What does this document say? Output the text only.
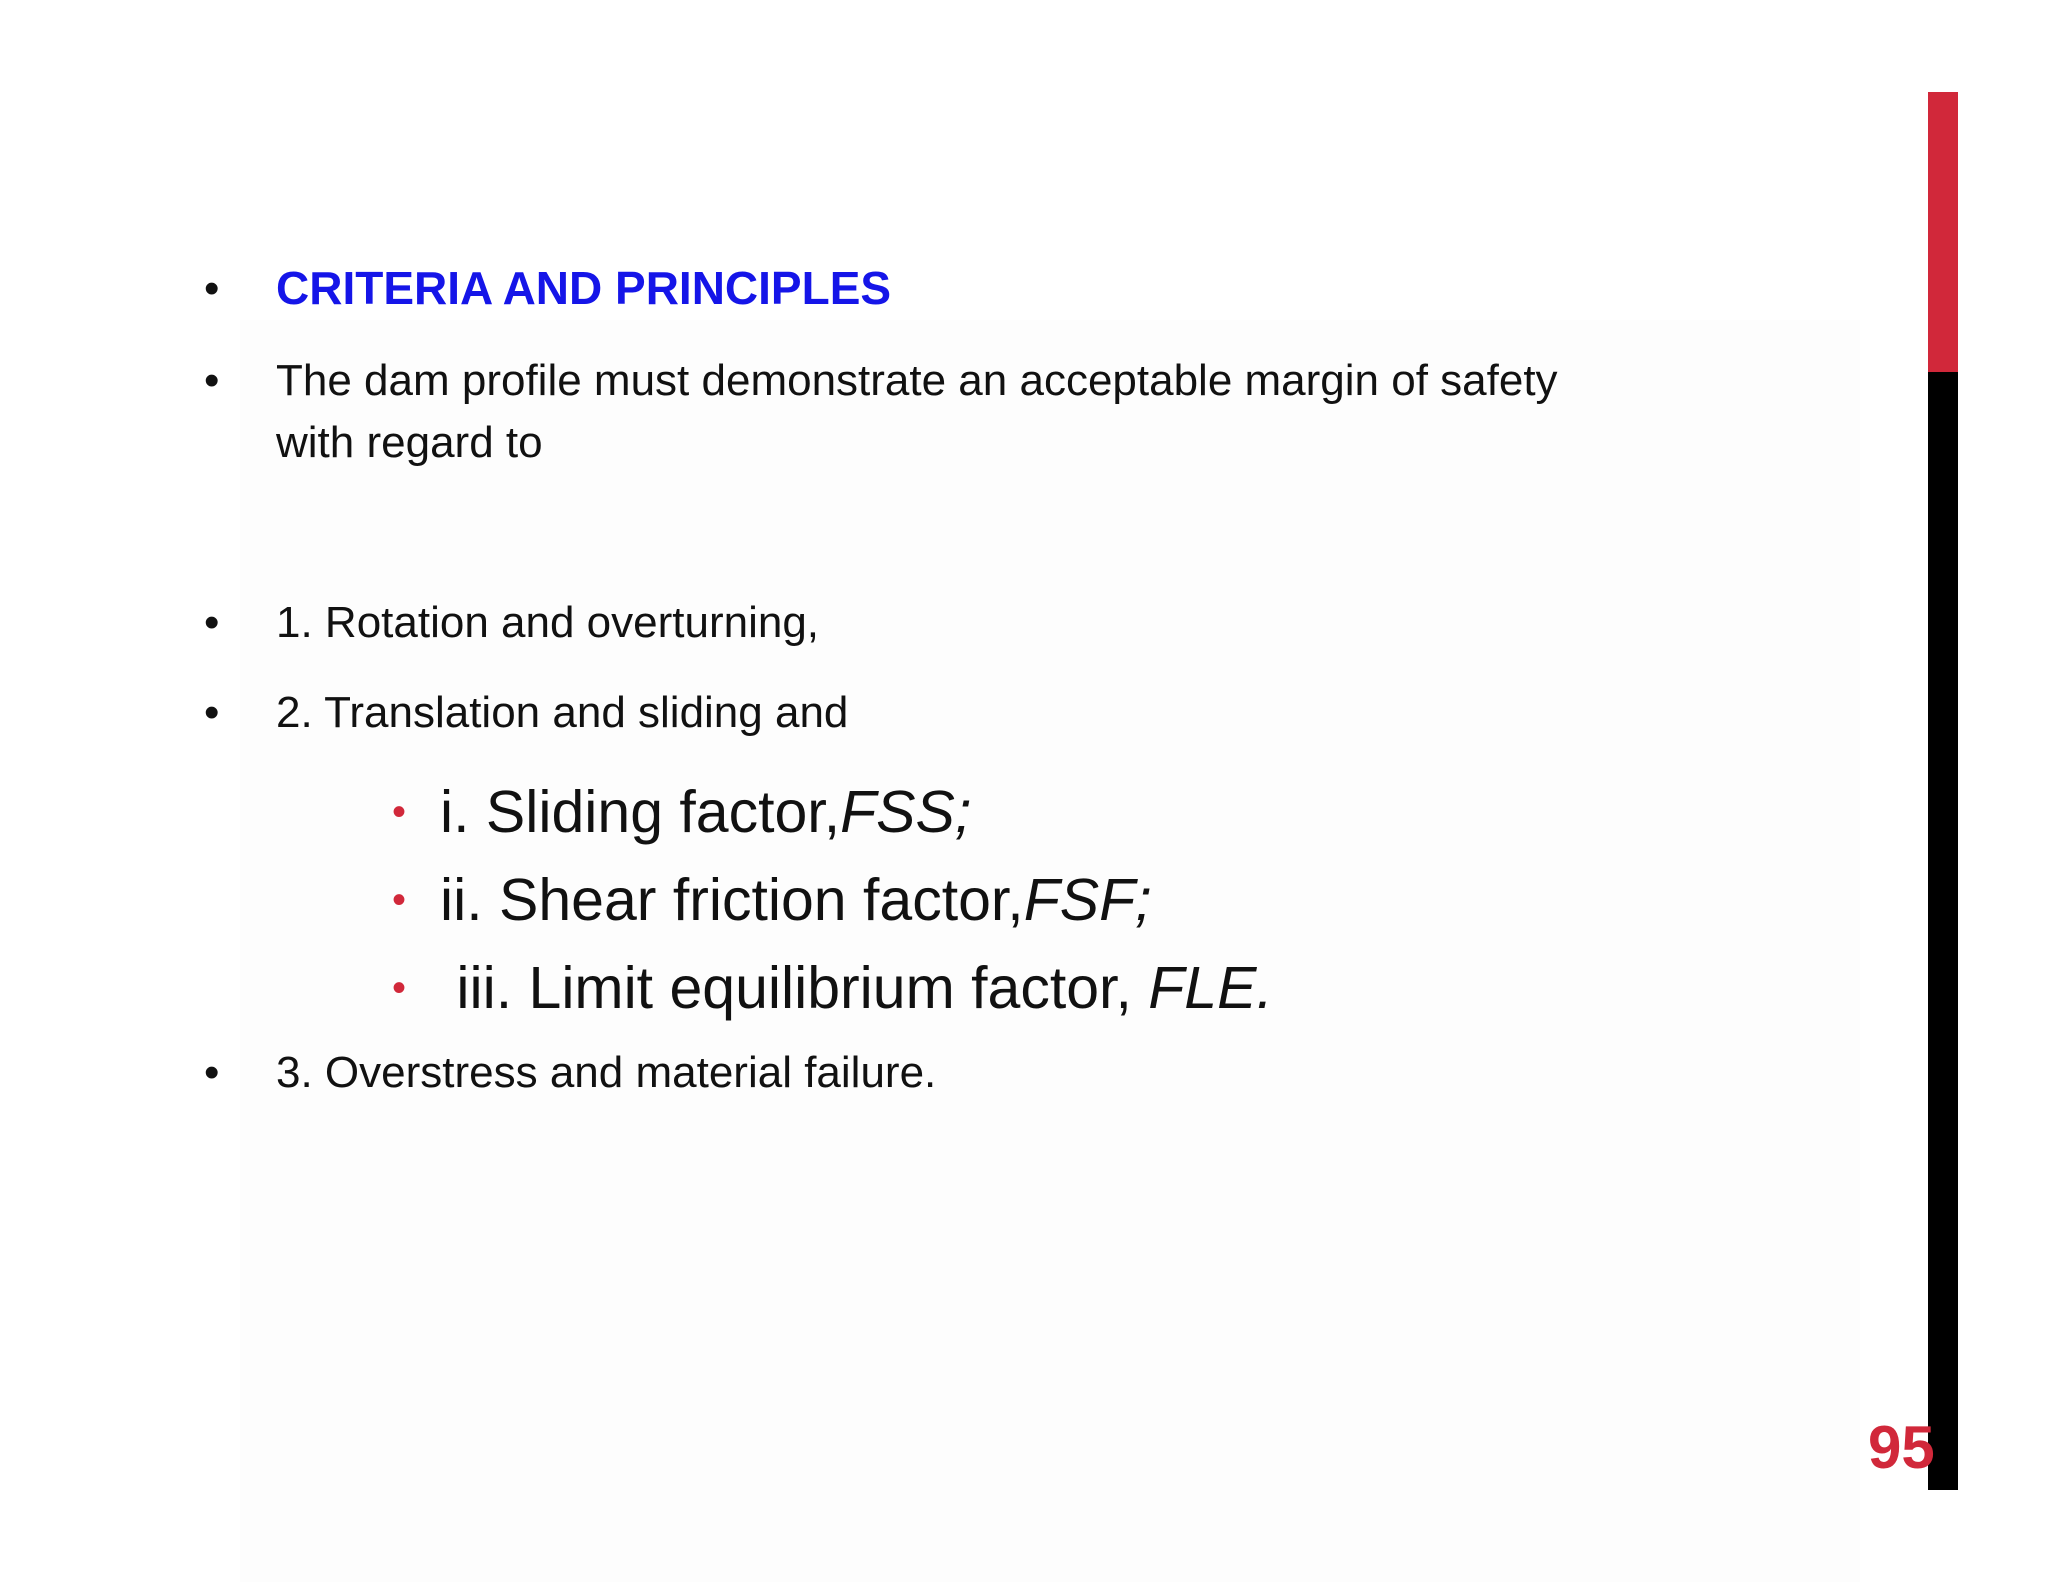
• CRITERIA AND PRINCIPLES
• The dam profile must demonstrate an acceptable margin of safety
with regard to
• 1. Rotation and overturning,
• 2. Translation and sliding and
• i. Sliding factor, FSS;
• ii. Shear friction factor, FSF;
• iii. Limit equilibrium factor, FLE.
• 3. Overstress and material failure.
95
